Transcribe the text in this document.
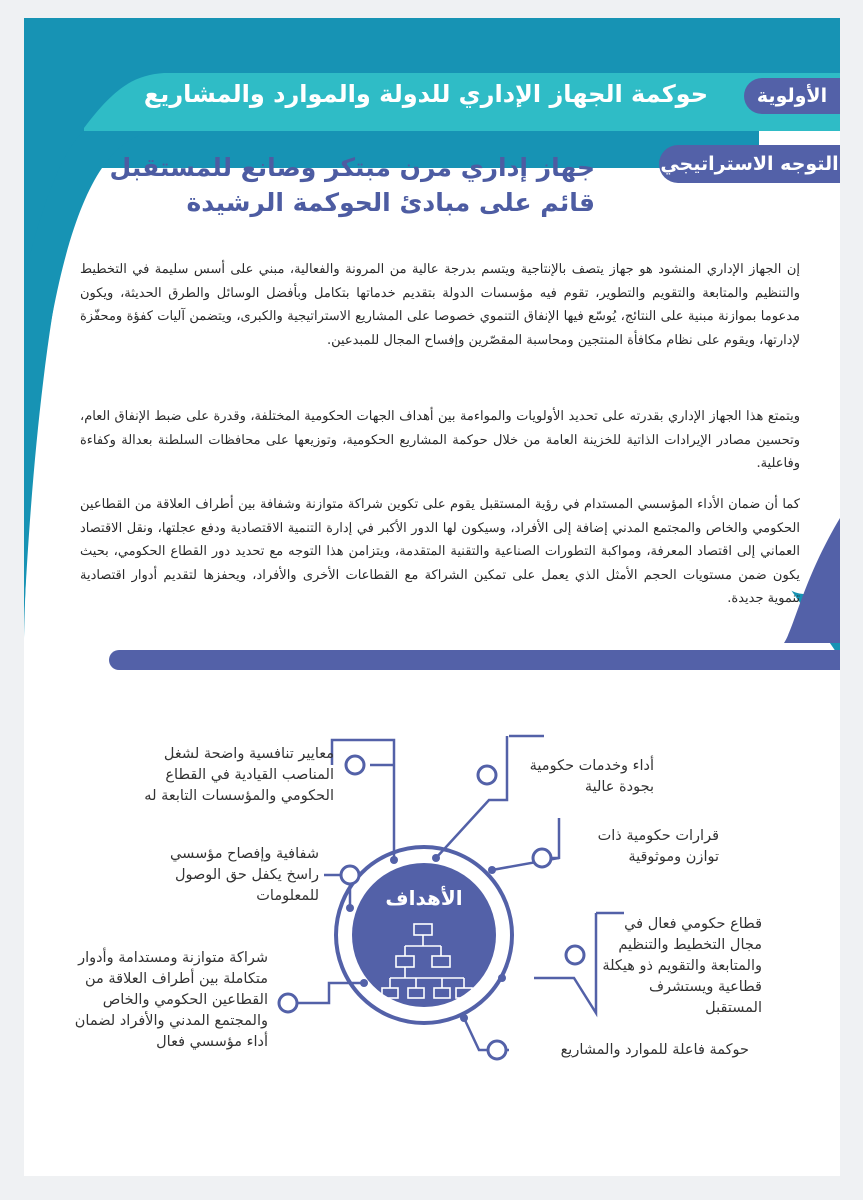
الأولوية
حوكمة الجهاز الإداري للدولة والموارد والمشاريع
التوجه الاستراتيجي
جهاز إداري مرن مبتكر وصانع للمستقبل
قائم على مبادئ الحوكمة الرشيدة

إن الجهاز الإداري المنشود هو جهاز يتصف بالإنتاجية ويتسم بدرجة عالية من المرونة والفعالية، مبني على أسس سليمة في التخطيط والتنظيم والمتابعة والتقويم والتطوير، تقوم فيه مؤسسات الدولة بتقديم خدماتها بتكامل وبأفضل الوسائل والطرق الحديثة، ويكون مدعوما بموازنة مبنية على النتائج، يُوسّع فيها الإنفاق التنموي خصوصا على المشاريع الاستراتيجية والكبرى، ويتضمن آليات كفؤة ومحفّزة لإدارتها، ويقوم على نظام مكافأة المنتجين ومحاسبة المقصّرين وإفساح المجال للمبدعين.

ويتمتع هذا الجهاز الإداري بقدرته على تحديد الأولويات والمواءمة بين أهداف الجهات الحكومية المختلفة، وقدرة على ضبط الإنفاق العام، وتحسين مصادر الإيرادات الذاتية للخزينة العامة من خلال حوكمة المشاريع الحكومية، وتوزيعها على محافظات السلطنة بعدالة وكفاءة وفاعلية.

كما أن ضمان الأداء المؤسسي المستدام في رؤية المستقبل يقوم على تكوين شراكة متوازنة وشفافة بين أطراف العلاقة من القطاعين الحكومي والخاص والمجتمع المدني إضافة إلى الأفراد، وسيكون لها الدور الأكبر في إدارة التنمية الاقتصادية ودفع عجلتها، ونقل الاقتصاد العماني إلى اقتصاد المعرفة، ومواكبة التطورات الصناعية والتقنية المتقدمة، ويتزامن هذا التوجه مع تحديد دور القطاع الحكومي، بحيث يكون ضمن مستويات الحجم الأمثل الذي يعمل على تمكين الشراكة مع القطاعات الأخرى والأفراد، ويحفزها لتقديم أدوار اقتصادية تنموية جديدة.

الأهداف
معايير تنافسية واضحة لشغل المناصب القيادية في القطاع الحكومي والمؤسسات التابعة له
شفافية وإفصاح مؤسسي راسخ يكفل حق الوصول للمعلومات
شراكة متوازنة ومستدامة وأدوار متكاملة بين أطراف العلاقة من القطاعين الحكومي والخاص والمجتمع المدني والأفراد لضمان أداء مؤسسي فعال
أداء وخدمات حكومية بجودة عالية
قرارات حكومية ذات توازن وموثوقية
قطاع حكومي فعال في مجال التخطيط والتنظيم والمتابعة والتقويم ذو هيكلة قطاعية ويستشرف المستقبل
حوكمة فاعلة للموارد والمشاريع
